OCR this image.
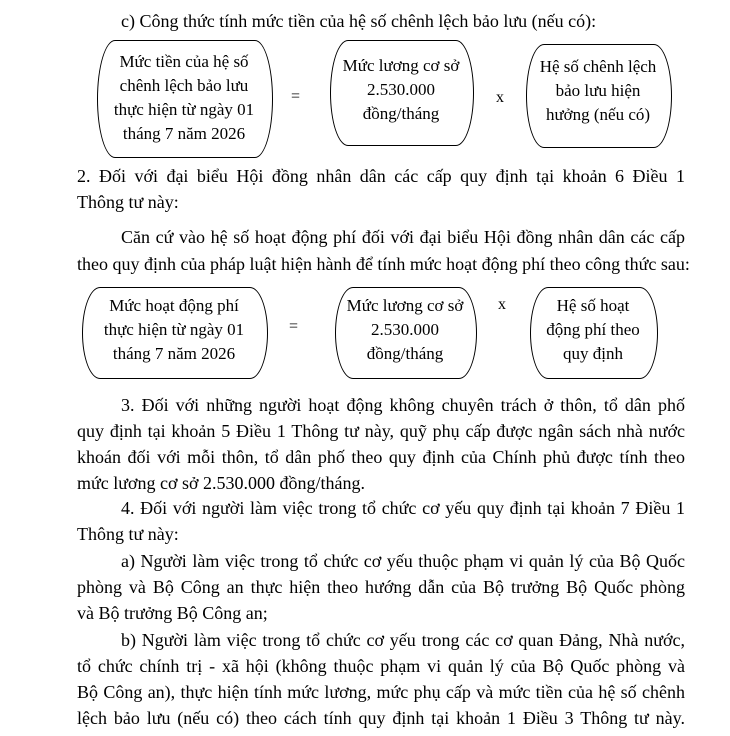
c) Công thức tính mức tiền của hệ số chênh lệch bảo lưu (nếu có):
Mức tiền của hệ số
chênh lệch bảo lưu
thực hiện từ ngày 01
tháng 7 năm 2026
=
Mức lương cơ sở
2.530.000
đồng/tháng
x
Hệ số chênh lệch
bảo lưu hiện
hưởng (nếu có)
2. Đối với đại biểu Hội đồng nhân dân các cấp quy định tại khoản 6 Điều 1
Thông tư này:
Căn cứ vào hệ số hoạt động phí đối với đại biểu Hội đồng nhân dân các cấp
theo quy định của pháp luật hiện hành để tính mức hoạt động phí theo công thức sau:
Mức hoạt động phí
thực hiện từ ngày 01
tháng 7 năm 2026
=
Mức lương cơ sở
2.530.000
đồng/tháng
x	Hệ số hoạt
động phí theo
quy định
3. Đối với những người hoạt động không chuyên trách ở thôn, tổ dân phố
quy định tại khoản 5 Điều 1 Thông tư này, quỹ phụ cấp được ngân sách nhà nước
khoán đối với mỗi thôn, tổ dân phố theo quy định của Chính phủ được tính theo
mức lương cơ sở 2.530.000 đồng/tháng.
4. Đối với người làm việc trong tổ chức cơ yếu quy định tại khoản 7 Điều 1
Thông tư này:
a) Người làm việc trong tổ chức cơ yếu thuộc phạm vi quản lý của Bộ Quốc
phòng và Bộ Công an thực hiện theo hướng dẫn của Bộ trưởng Bộ Quốc phòng
và Bộ trưởng Bộ Công an;
b) Người làm việc trong tổ chức cơ yếu trong các cơ quan Đảng, Nhà nước,
tổ chức chính trị - xã hội (không thuộc phạm vi quản lý của Bộ Quốc phòng và
Bộ Công an), thực hiện tính mức lương, mức phụ cấp và mức tiền của hệ số chênh
lệch bảo lưu (nếu có) theo cách tính quy định tại khoản 1 Điều 3 Thông tư này.
